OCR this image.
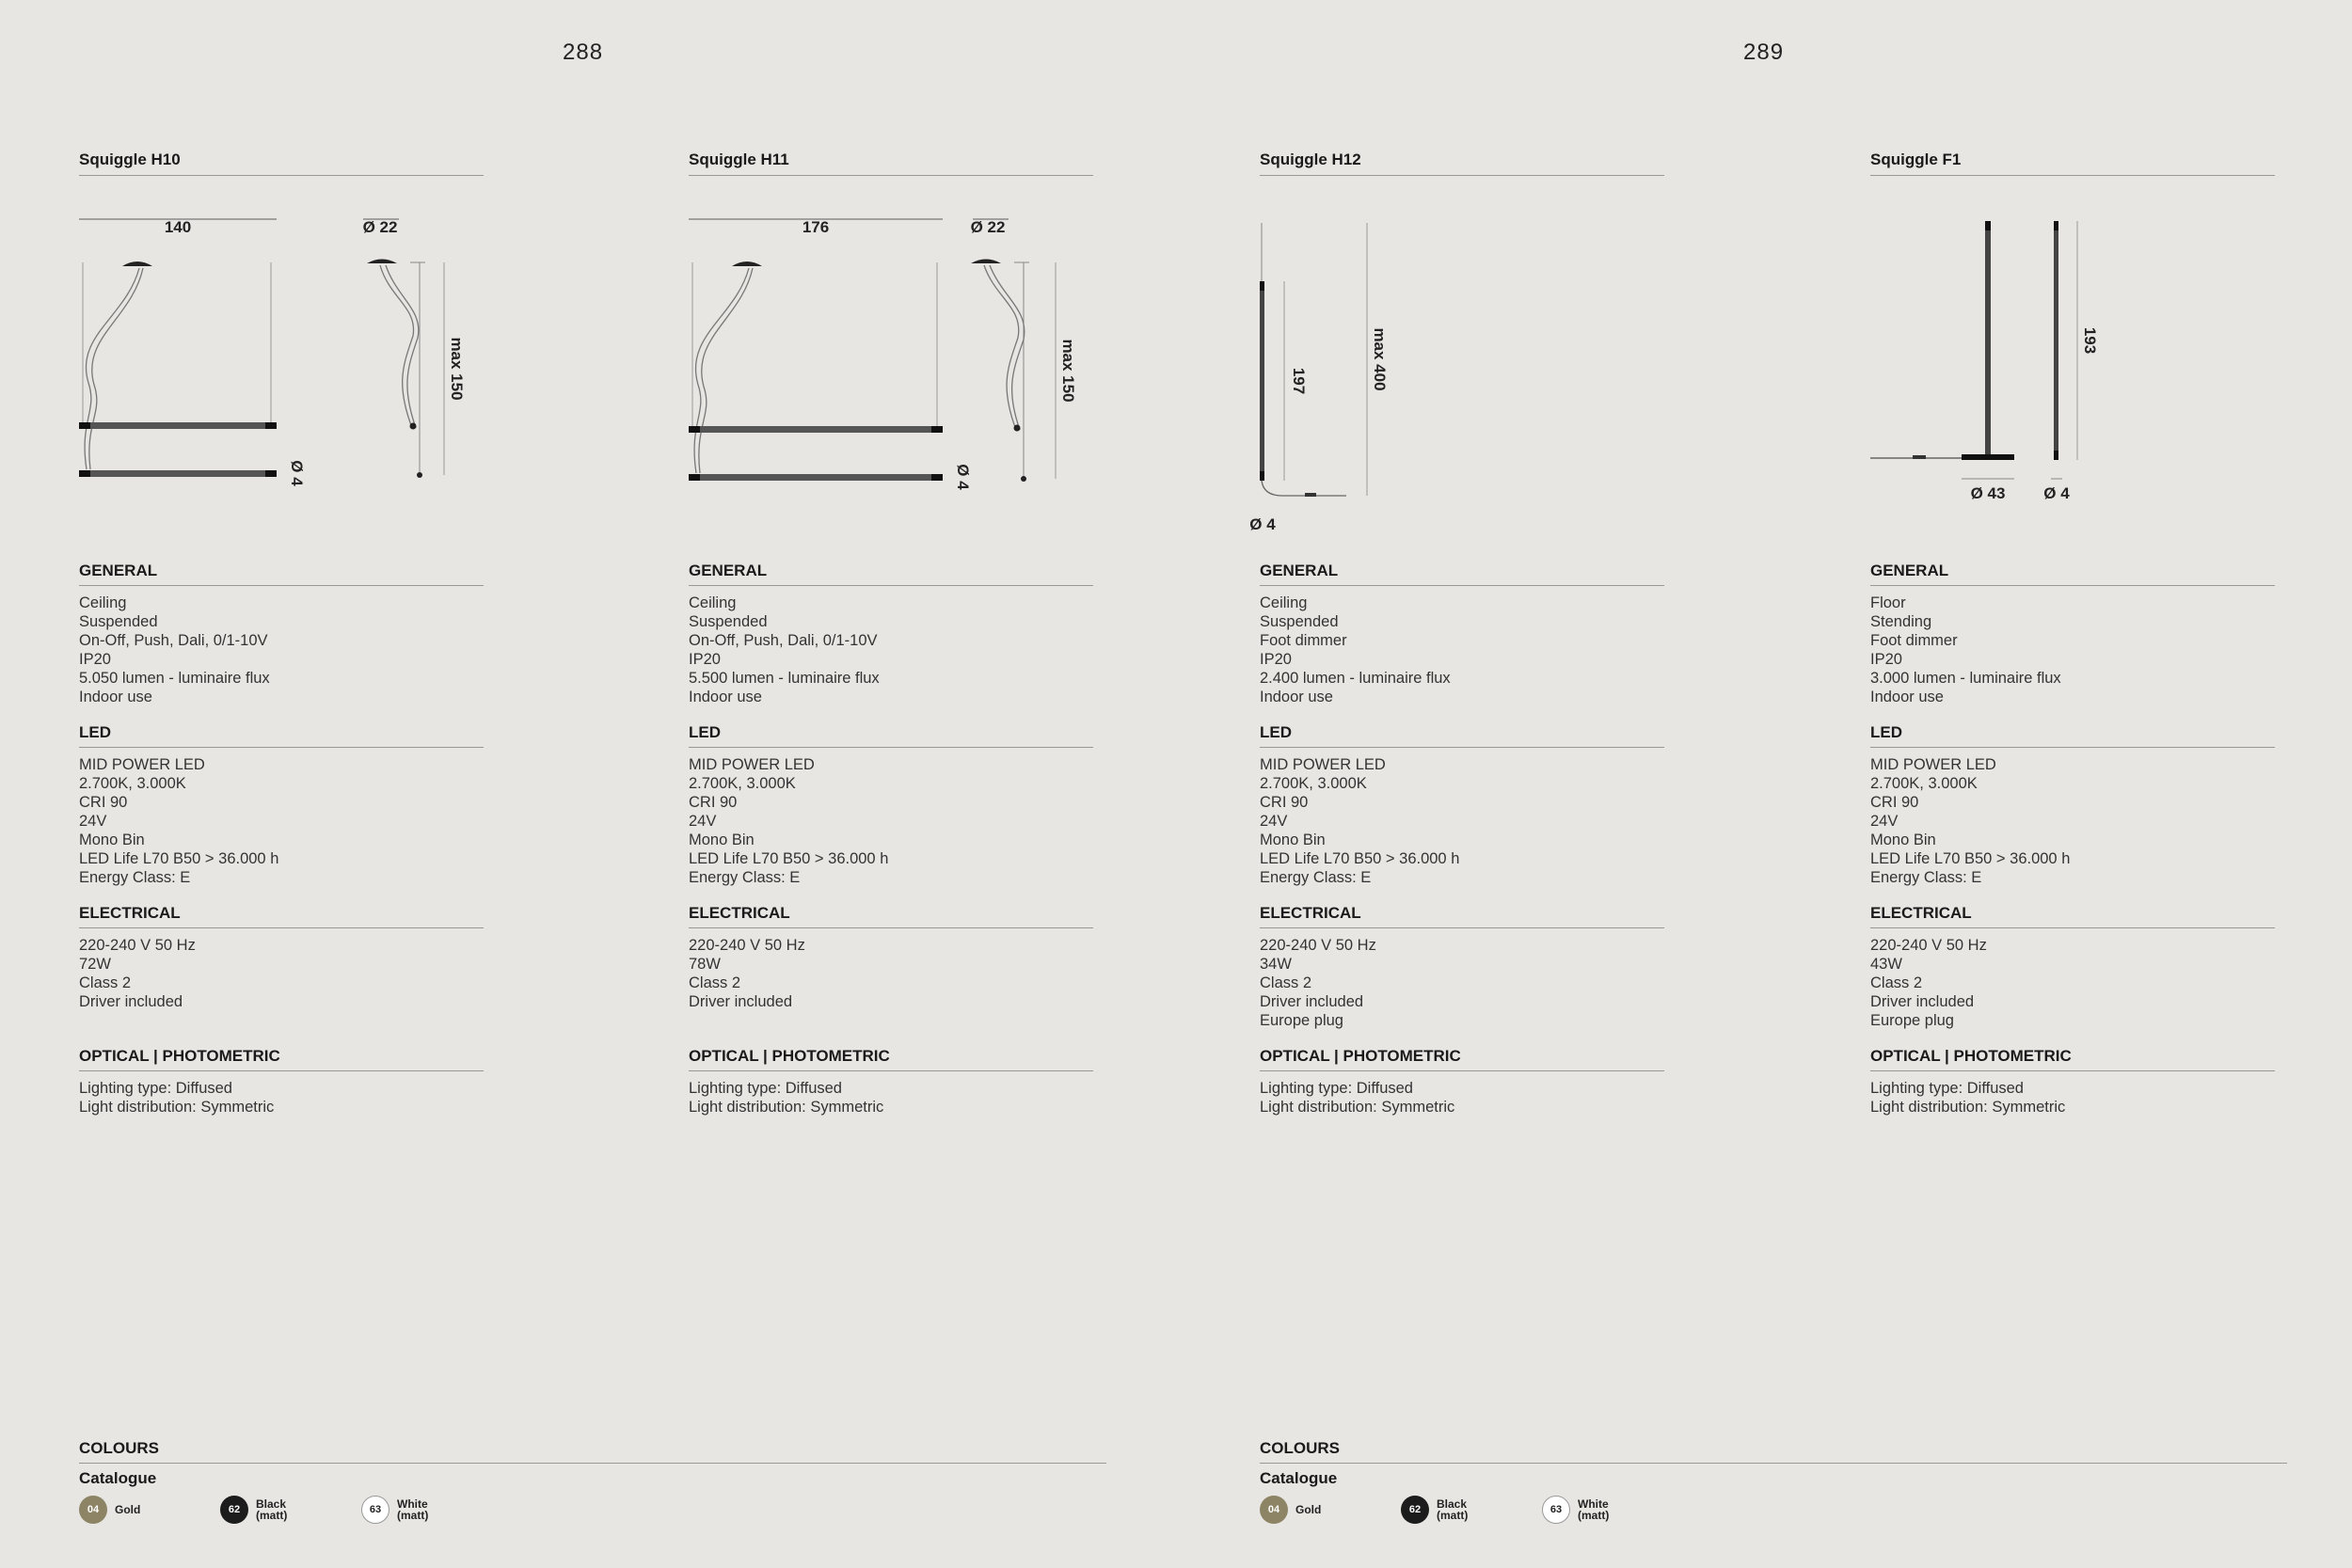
288	289
Squiggle H10
140
Ø 4
Ø 22
max 150
GENERAL
Ceiling
Suspended
On-Off, Push, Dali, 0/1-10V
IP20
5.050 lumen - luminaire flux
Indoor use
LED
MID POWER LED
2.700K, 3.000K
CRI 90
24V
Mono Bin
LED Life L70 B50 > 36.000 h
Energy Class: E
ELECTRICAL
220-240 V 50 Hz
72W
Class 2
Driver included
OPTICAL | PHOTOMETRIC
Lighting type: Diffused
Light distribution: Symmetric
Squiggle H11
176
Ø 4
Ø 22
max 150
GENERAL
Ceiling
Suspended
On-Off, Push, Dali, 0/1-10V
IP20
5.500 lumen - luminaire flux
Indoor use
LED
MID POWER LED
2.700K, 3.000K
CRI 90
24V
Mono Bin
LED Life L70 B50 > 36.000 h
Energy Class: E
ELECTRICAL
220-240 V 50 Hz
78W
Class 2
Driver included
OPTICAL | PHOTOMETRIC
Lighting type: Diffused
Light distribution: Symmetric
Squiggle H12
197	max 400
Ø 4
GENERAL
Ceiling
Suspended
Foot dimmer
IP20
2.400 lumen - luminaire flux
Indoor use
LED
MID POWER LED
2.700K, 3.000K
CRI 90
24V
Mono Bin
LED Life L70 B50 > 36.000 h
Energy Class: E
ELECTRICAL
220-240 V 50 Hz
34W
Class 2
Driver included
Europe plug
OPTICAL | PHOTOMETRIC
Lighting type: Diffused
Light distribution: Symmetric
Squiggle F1
Ø 43
193
Ø 4
GENERAL
Floor
Stending
Foot dimmer
IP20
3.000 lumen - luminaire flux
Indoor use
LED
MID POWER LED
2.700K, 3.000K
CRI 90
24V
Mono Bin
LED Life L70 B50 > 36.000 h
Energy Class: E
ELECTRICAL
220-240 V 50 Hz
43W
Class 2
Driver included
Europe plug
OPTICAL | PHOTOMETRIC
Lighting type: Diffused
Light distribution: Symmetric
COLOURS
Catalogue
04	Gold	62	Black
(matt)	63	White
(matt)
COLOURS
Catalogue
04	Gold	62	Black
(matt)	63	White
(matt)
